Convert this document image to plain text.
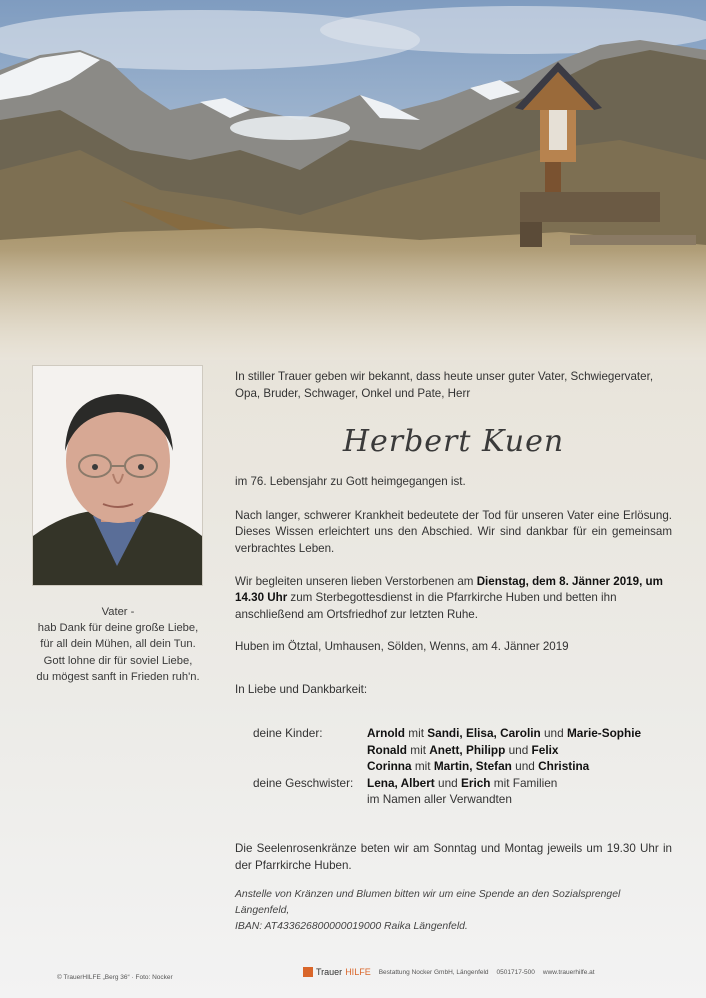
Vater -
hab Dank für deine große Liebe,
für all dein Mühen, all dein Tun.
Gott lohne dir für soviel Liebe,
du mögest sanft in Frieden ruh'n.

In stiller Trauer geben wir bekannt, dass heute unser guter Vater, Schwiegervater, Opa, Bruder, Schwager, Onkel und Pate, Herr

Herbert Kuen

im 76. Lebensjahr zu Gott heimgegangen ist.

Nach langer, schwerer Krankheit bedeutete der Tod für unseren Vater eine Erlösung. Dieses Wissen erleichtert uns den Abschied. Wir sind dankbar für ein gemeinsam verbrachtes Leben.

Wir begleiten unseren lieben Verstorbenen am Dienstag, dem 8. Jänner 2019, um 14.30 Uhr zum Sterbegottesdienst in die Pfarrkirche Huben und betten ihn anschließend am Ortsfriedhof zur letzten Ruhe.

Huben im Ötztal, Umhausen, Sölden, Wenns, am 4. Jänner 2019

In Liebe und Dankbarkeit:

deine Kinder:	Arnold mit Sandi, Elisa, Carolin und Marie-Sophie
Ronald mit Anett, Philipp und Felix
Corinna mit Martin, Stefan und Christina
deine Geschwister:	Lena, Albert und Erich mit Familien
im Namen aller Verwandten

Die Seelenrosenkränze beten wir am Sonntag und Montag jeweils um 19.30 Uhr in der Pfarrkirche Huben.

Anstelle von Kränzen und Blumen bitten wir um eine Spende an den Sozialsprengel Längenfeld,
IBAN: AT433626800000019000 Raika Längenfeld.
© TrauerHILFE „Berg 36“ · Foto: Nocker
Trauer HILFE Bestattung Nocker GmbH, Längenfeld 0501717-500 www.trauerhilfe.at
